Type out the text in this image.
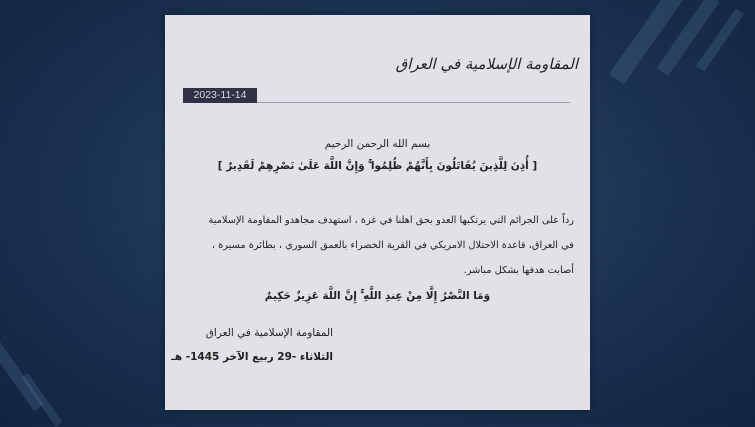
المقاومة الإسلامية في العراق
2023-11-14
بسم الله الرحمن الرحيم
[ أُذِنَ لِلَّذِينَ يُقَاتَلُونَ بِأَنَّهُمْ ظُلِمُوا ۚ وَإِنَّ اللَّهَ عَلَىٰ نَصْرِهِمْ لَقَدِيرٌ ]
رداً على الجرائم التي يرتكبها العدو بحق اهلنا في غزة ، استهدف مجاهدو المقاومة الإسلامية
في العراق، قاعدة الاحتلال الامريكي في القرية الخضراء بالعمق السوري ، بطائرة مسيرة ،
أصابت هدفها بشكل مباشر.
وَمَا النَّصْرُ إِلَّا مِنْ عِندِ اللَّهِ ۚ إِنَّ اللَّهَ عَزِيزٌ حَكِيمٌ
المقاومة الإسلامية في العراق
الثلاثاء -29 ربيع الآخر 1445- هـ
